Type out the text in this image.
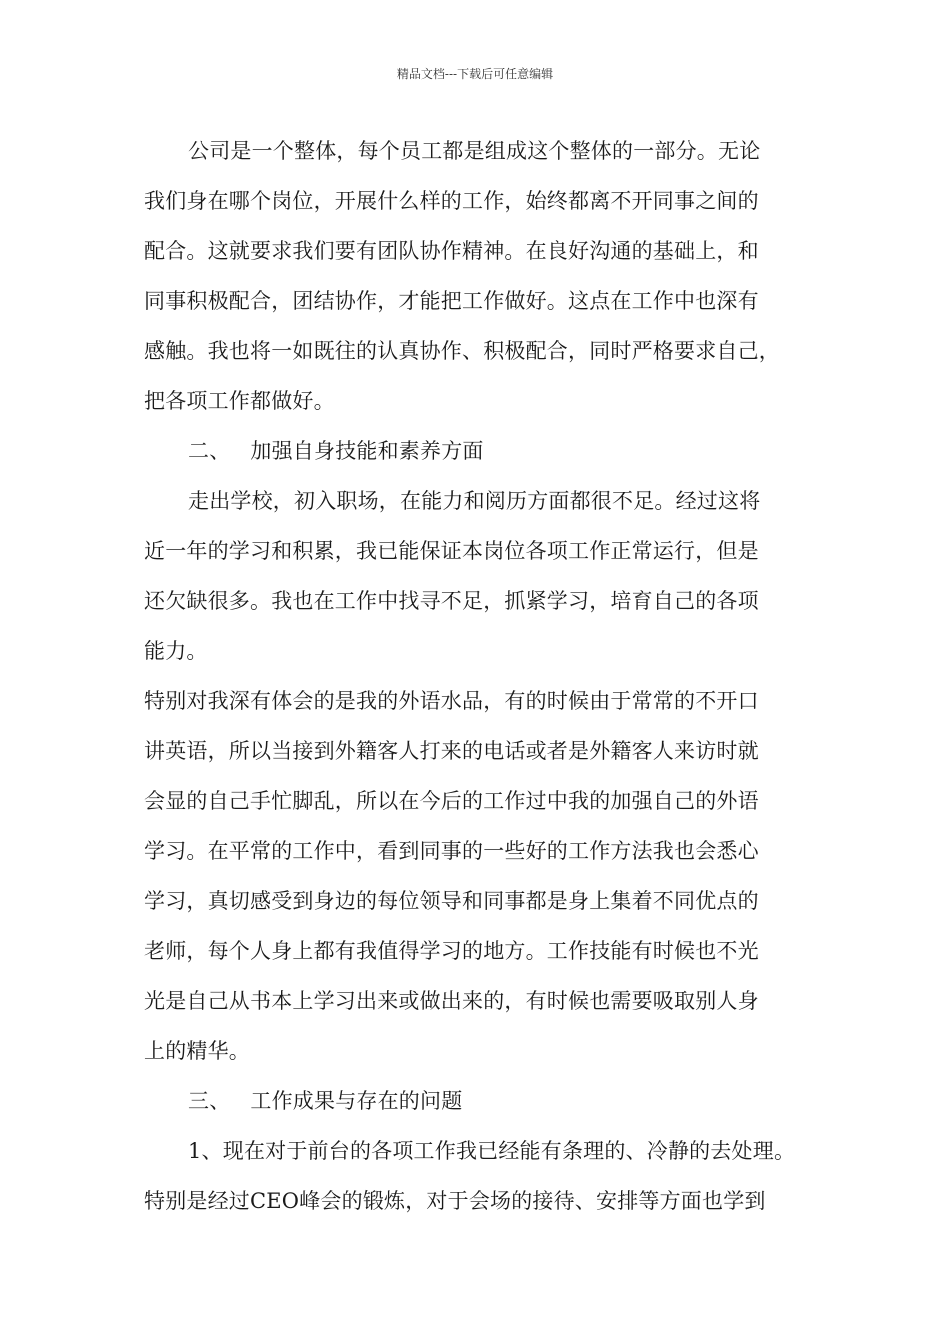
精品文档---下载后可任意编辑
公司是一个整体，每个员工都是组成这个整体的一部分。无论
我们身在哪个岗位，开展什么样的工作，始终都离不开同事之间的
配合。这就要求我们要有团队协作精神。在良好沟通的基础上，和
同事积极配合，团结协作，才能把工作做好。这点在工作中也深有
感触。我也将一如既往的认真协作、积极配合，同时严格要求自己，
把各项工作都做好。
二、 加强自身技能和素养方面
走出学校，初入职场，在能力和阅历方面都很不足。经过这将
近一年的学习和积累，我已能保证本岗位各项工作正常运行，但是
还欠缺很多。我也在工作中找寻不足，抓紧学习，培育自己的各项
能力。
特别对我深有体会的是我的外语水品，有的时候由于常常的不开口
讲英语，所以当接到外籍客人打来的电话或者是外籍客人来访时就
会显的自己手忙脚乱，所以在今后的工作过中我的加强自己的外语
学习。在平常的工作中，看到同事的一些好的工作方法我也会悉心
学习，真切感受到身边的每位领导和同事都是身上集着不同优点的
老师，每个人身上都有我值得学习的地方。工作技能有时候也不光
光是自己从书本上学习出来或做出来的，有时候也需要吸取别人身
上的精华。
三、 工作成果与存在的问题
1、现在对于前台的各项工作我已经能有条理的、冷静的去处理。
特别是经过CEO峰会的锻炼，对于会场的接待、安排等方面也学到
